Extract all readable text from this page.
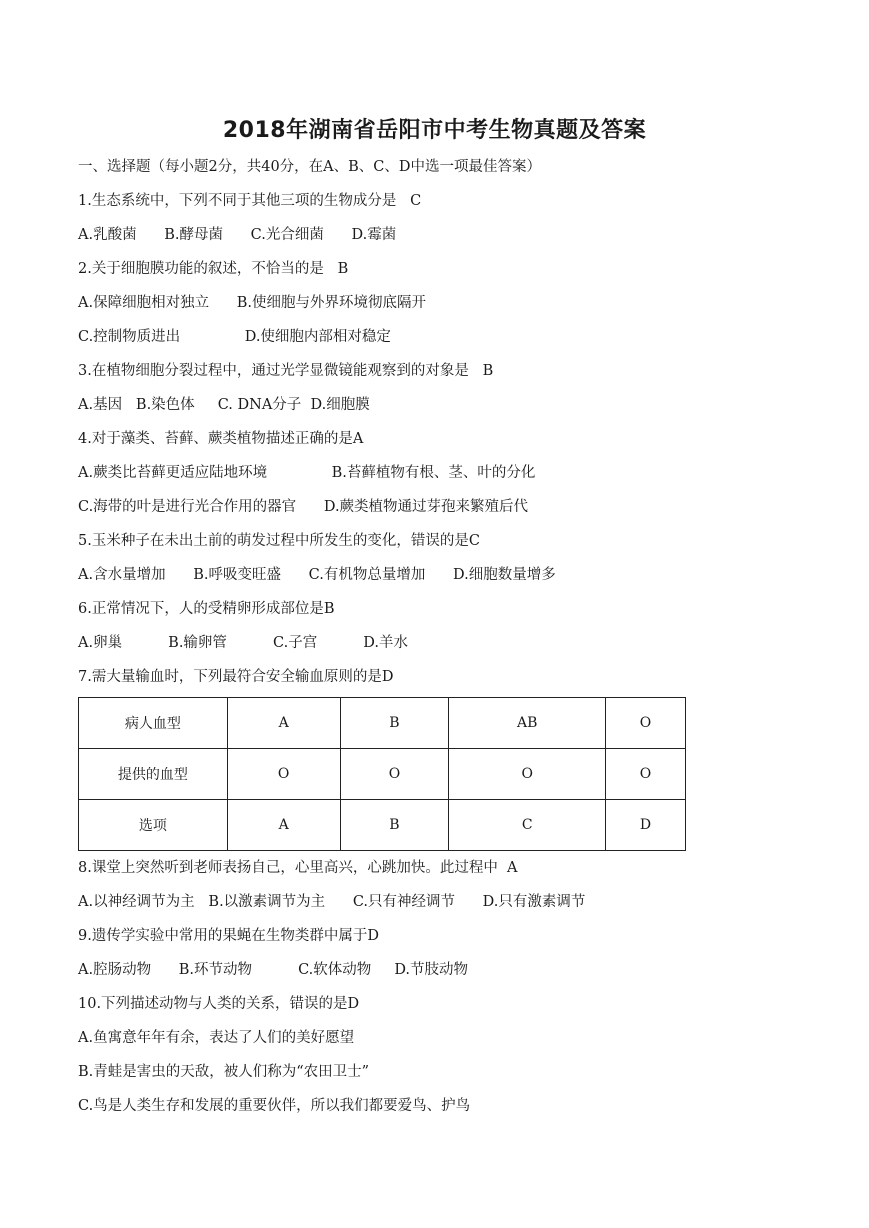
2018年湖南省岳阳市中考生物真题及答案
一、选择题（每小题2分，共40分，在A、B、C、D中选一项最佳答案）
1.生态系统中，下列不同于其他三项的生物成分是   C
A.乳酸菌      B.酵母菌      C.光合细菌      D.霉菌
2.关于细胞膜功能的叙述，不恰当的是   B
A.保障细胞相对独立      B.使细胞与外界环境彻底隔开
C.控制物质进出              D.使细胞内部相对稳定
3.在植物细胞分裂过程中，通过光学显微镜能观察到的对象是   B
A.基因   B.染色体     C. DNA分子  D.细胞膜
4.对于藻类、苔藓、蕨类植物描述正确的是A
A.蕨类比苔藓更适应陆地环境              B.苔藓植物有根、茎、叶的分化
C.海带的叶是进行光合作用的器官      D.蕨类植物通过芽孢来繁殖后代
5.玉米种子在未出土前的萌发过程中所发生的变化，错误的是C
A.含水量增加      B.呼吸变旺盛      C.有机物总量增加      D.细胞数量增多
6.正常情况下，人的受精卵形成部位是B
A.卵巢          B.输卵管          C.子宫          D.羊水
7.需大量输血时，下列最符合安全输血原则的是D
病人血型	A	B	AB	O
提供的血型	O	O	O	O
选项	A	B	C	D
8.课堂上突然听到老师表扬自己，心里高兴，心跳加快。此过程中  A
A.以神经调节为主   B.以激素调节为主      C.只有神经调节      D.只有激素调节
9.遗传学实验中常用的果蝇在生物类群中属于D
A.腔肠动物      B.环节动物          C.软体动物     D.节肢动物
10.下列描述动物与人类的关系，错误的是D
A.鱼寓意年年有余，表达了人们的美好愿望
B.青蛙是害虫的天敌，被人们称为“农田卫士”
C.鸟是人类生存和发展的重要伙伴，所以我们都要爱鸟、护鸟
